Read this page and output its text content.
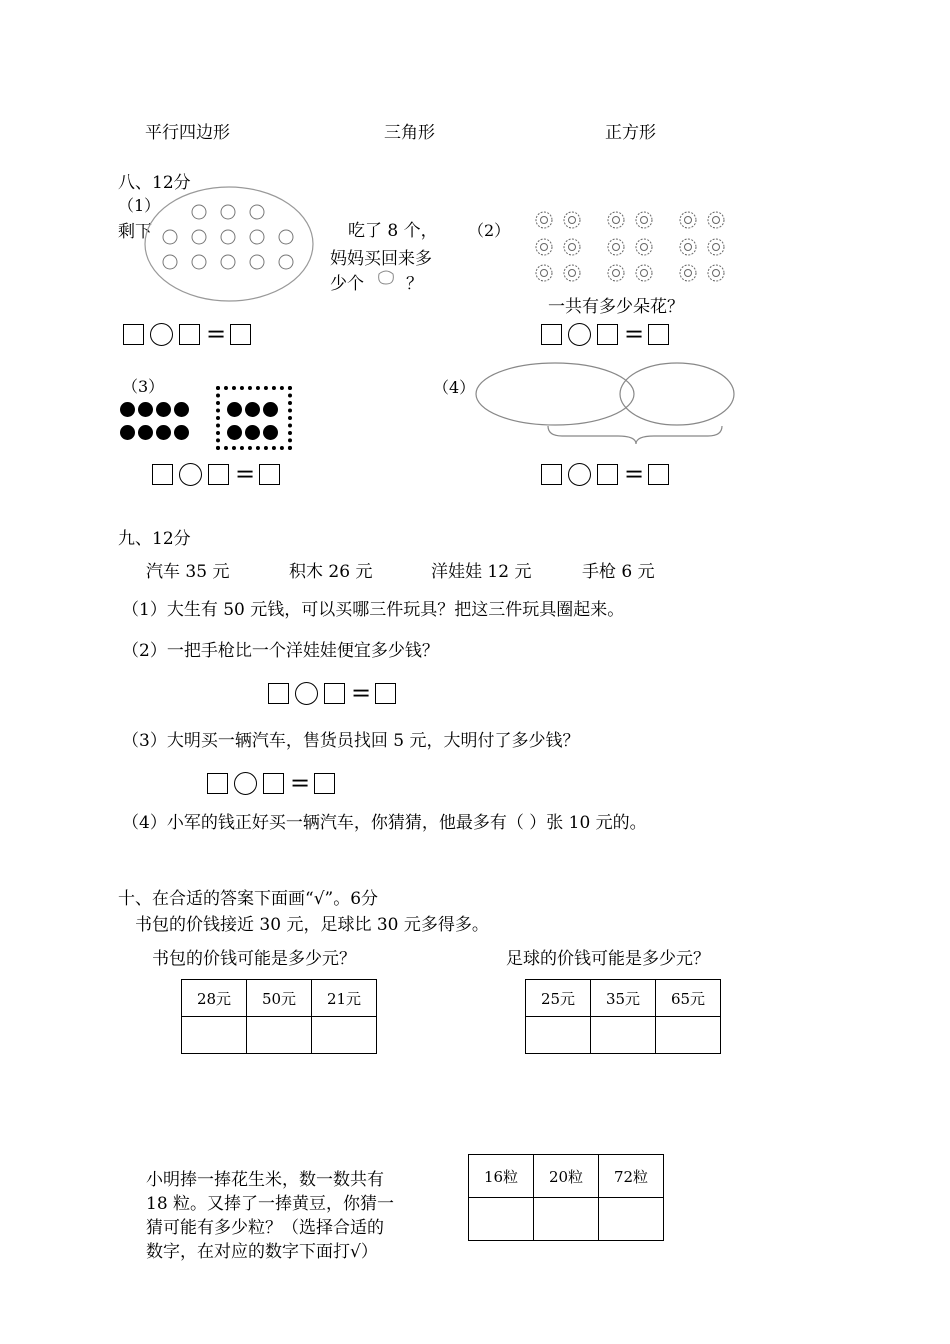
平行四边形	三角形	正方形
八、12分
（1）
剩下	吃了 8 个，
妈妈买回来多
少个 ？
（2）
一共有多少朵花？
=	=
（3）	（4）
=	=
九、12分
汽车 35 元	积木 26 元	洋娃娃 12 元	手枪 6 元
（1）大生有 50 元钱，可以买哪三件玩具？把这三件玩具圈起来。
（2）一把手枪比一个洋娃娃便宜多少钱？
=
（3）大明买一辆汽车，售货员找回 5 元，大明付了多少钱？
=
（4）小军的钱正好买一辆汽车，你猜猜，他最多有（ ）张 10 元的。
十、在合适的答案下面画“√”。6分
书包的价钱接近 30 元，足球比 30 元多得多。
书包的价钱可能是多少元？	足球的价钱可能是多少元？
28元	50元	21元
			25元	35元	65元

小明捧一捧花生米，数一数共有
18 粒。又捧了一捧黄豆，你猜一
猜可能有多少粒？（选择合适的
数字，在对应的数字下面打√）
16粒	20粒	72粒
